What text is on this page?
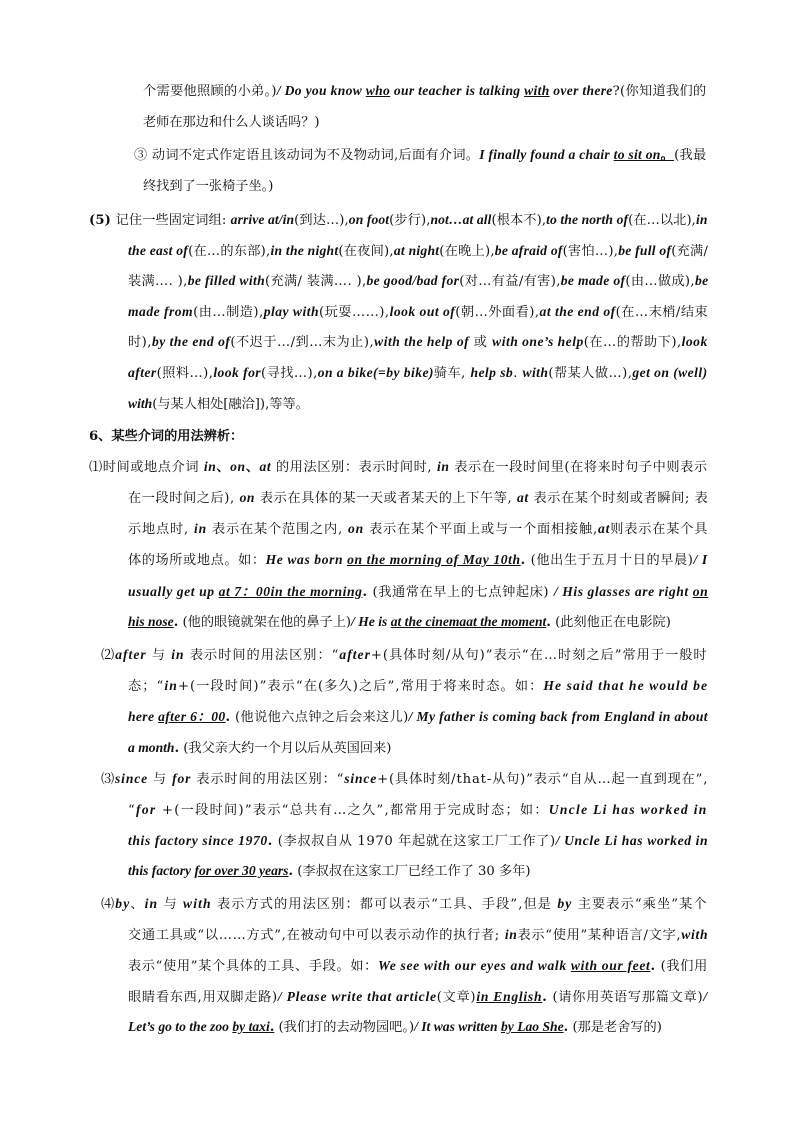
个需要他照顾的小弟。)/ Do you know who our teacher is talking with over there?(你知道我们的
老师在那边和什么人谈话吗？)
③ 动词不定式作定语且该动词为不及物动词,后面有介词。I finally found a chair to sit on。(我最
终找到了一张椅子坐。)
(5) 记住一些固定词组: arrive at/in(到达…),on foot(步行),not…at all(根本不),to the north of(在…以北),in
the east of(在…的东部),in the night(在夜间),at night(在晚上),be afraid of(害怕…),be full of(充满/
装满…. ),be filled with(充满/ 装满…. ),be good/bad for(对…有益/有害),be made of(由…做成),be
made from(由…制造),play with(玩耍……),look out of(朝…外面看),at the end of(在…末梢/结束
时),by the end of(不迟于…/到…末为止),with the help of 或 with one’s help(在…的帮助下),look
after(照料…),look for(寻找…),on a bike(=by bike)骑车, help sb. with(帮某人做…),get on (well)
with(与某人相处[融洽]),等等。
6、某些介词的用法辨析：
⑴时间或地点介词 in、on、at 的用法区别：表示时间时, in 表示在一段时间里(在将来时句子中则表示
在一段时间之后), on 表示在具体的某一天或者某天的上下午等, at 表示在某个时刻或者瞬间; 表
示地点时, in 表示在某个范围之内, on 表示在某个平面上或与一个面相接触,at则表示在某个具
体的场所或地点。如：He was born on the morning of May 10th. (他出生于五月十日的早晨)/ I
usually get up at 7：00in the morning. (我通常在早上的七点钟起床) / His glasses are right on
his nose. (他的眼镜就架在他的鼻子上)/ He is at the cinemaat the moment. (此刻他正在电影院)
⑵after 与 in 表示时间的用法区别：“after+(具体时刻/从句)”表示“在…时刻之后”常用于一般时
态；“in+(一段时间)”表示“在(多久)之后”,常用于将来时态。如：He said that he would be
here after 6：00. (他说他六点钟之后会来这儿)/ My father is coming back from England in about
a month. (我父亲大约一个月以后从英国回来)
⑶since 与 for 表示时间的用法区别：“since+(具体时刻/that-从句)”表示“自从…起一直到现在”,
“for +(一段时间)”表示“总共有…之久”,都常用于完成时态；如：Uncle Li has worked in
this factory since 1970. (李叔叔自从 1970 年起就在这家工厂工作了)/ Uncle Li has worked in
this factory for over 30 years. (李叔叔在这家工厂已经工作了 30 多年)
⑷by、in 与 with 表示方式的用法区别：都可以表示“工具、手段”,但是 by 主要表示“乘坐”某个
交通工具或“以……方式”,在被动句中可以表示动作的执行者; in表示“使用”某种语言/文字,with
表示“使用”某个具体的工具、手段。如：We see with our eyes and walk with our feet. (我们用
眼睛看东西,用双脚走路)/ Please write that article(文章)in English. (请你用英语写那篇文章)/
Let’s go to the zoo by taxi. (我们打的去动物园吧。)/ It was written by Lao She. (那是老舍写的)
